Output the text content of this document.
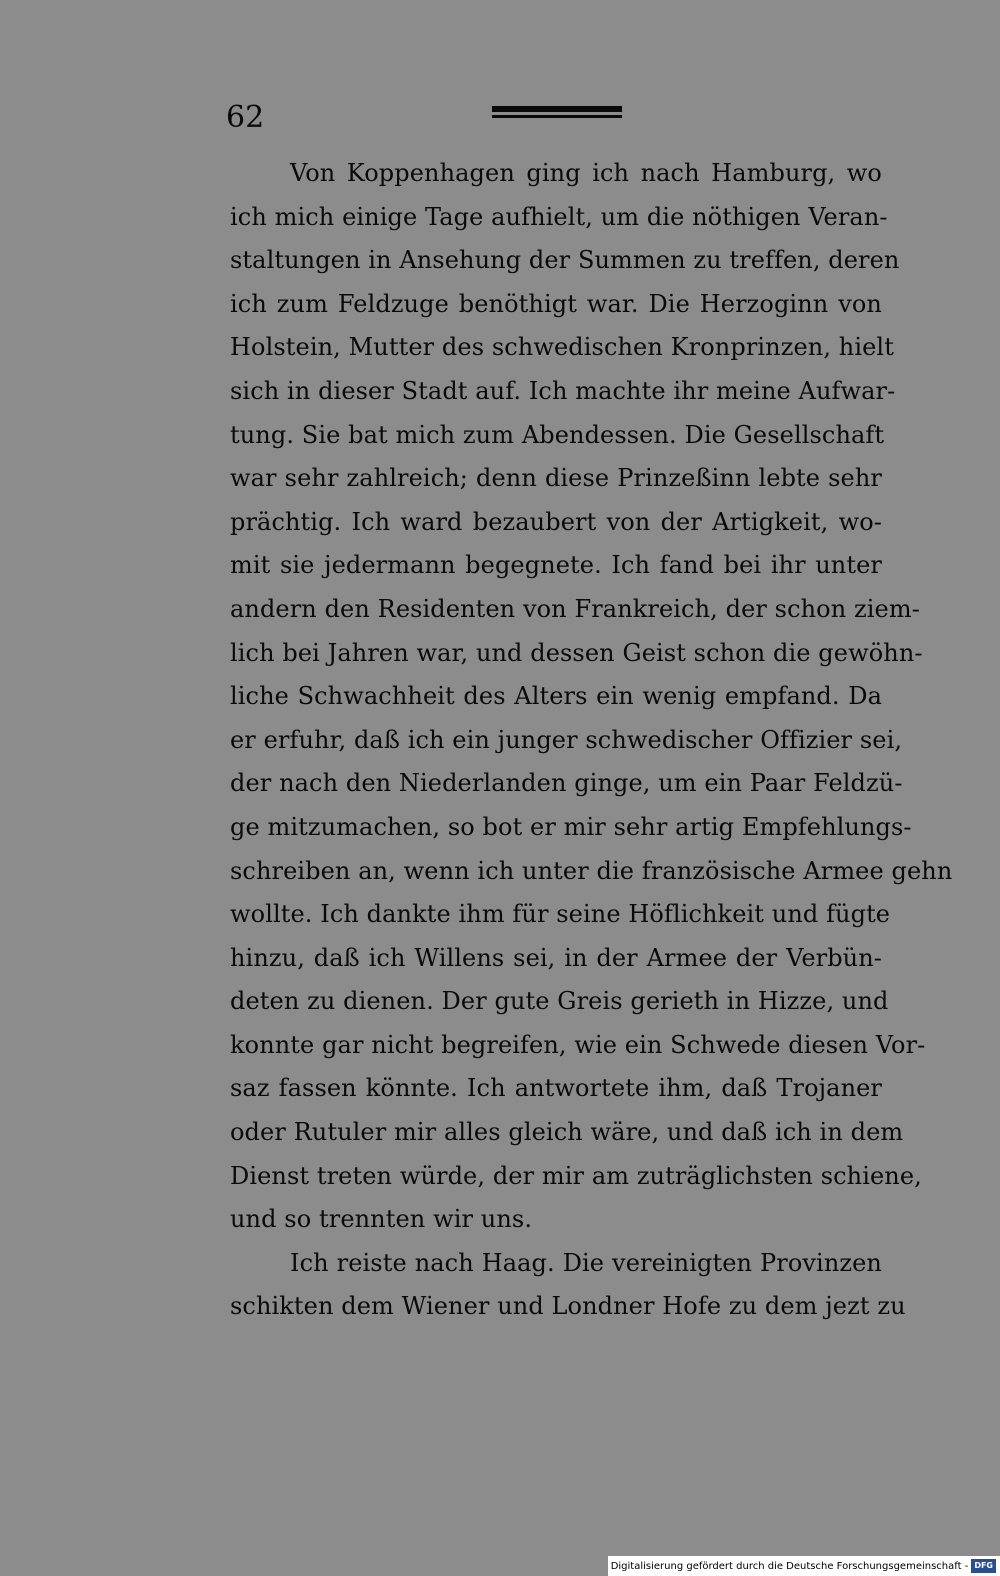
62
Von Koppenhagen ging ich nach Hamburg, wo
ich mich einige Tage aufhielt, um die nöthigen Veran-
staltungen in Ansehung der Summen zu treffen, deren
ich zum Feldzuge benöthigt war. Die Herzoginn von
Holstein, Mutter des schwedischen Kronprinzen, hielt
sich in dieser Stadt auf. Ich machte ihr meine Aufwar-
tung. Sie bat mich zum Abendessen. Die Gesellschaft
war sehr zahlreich; denn diese Prinzeßinn lebte sehr
prächtig. Ich ward bezaubert von der Artigkeit, wo-
mit sie jedermann begegnete. Ich fand bei ihr unter
andern den Residenten von Frankreich, der schon ziem-
lich bei Jahren war, und dessen Geist schon die gewöhn-
liche Schwachheit des Alters ein wenig empfand. Da
er erfuhr, daß ich ein junger schwedischer Offizier sei,
der nach den Niederlanden ginge, um ein Paar Feldzü-
ge mitzumachen, so bot er mir sehr artig Empfehlungs-
schreiben an, wenn ich unter die französische Armee gehn
wollte. Ich dankte ihm für seine Höflichkeit und fügte
hinzu, daß ich Willens sei, in der Armee der Verbün-
deten zu dienen. Der gute Greis gerieth in Hizze, und
konnte gar nicht begreifen, wie ein Schwede diesen Vor-
saz fassen könnte. Ich antwortete ihm, daß Trojaner
oder Rutuler mir alles gleich wäre, und daß ich in dem
Dienst treten würde, der mir am zuträglichsten schiene,
und so trennten wir uns.
Ich reiste nach Haag. Die vereinigten Provinzen
schikten dem Wiener und Londner Hofe zu dem jezt zu
Digitalisierung gefördert durch die Deutsche Forschungsgemeinschaft - DFG
